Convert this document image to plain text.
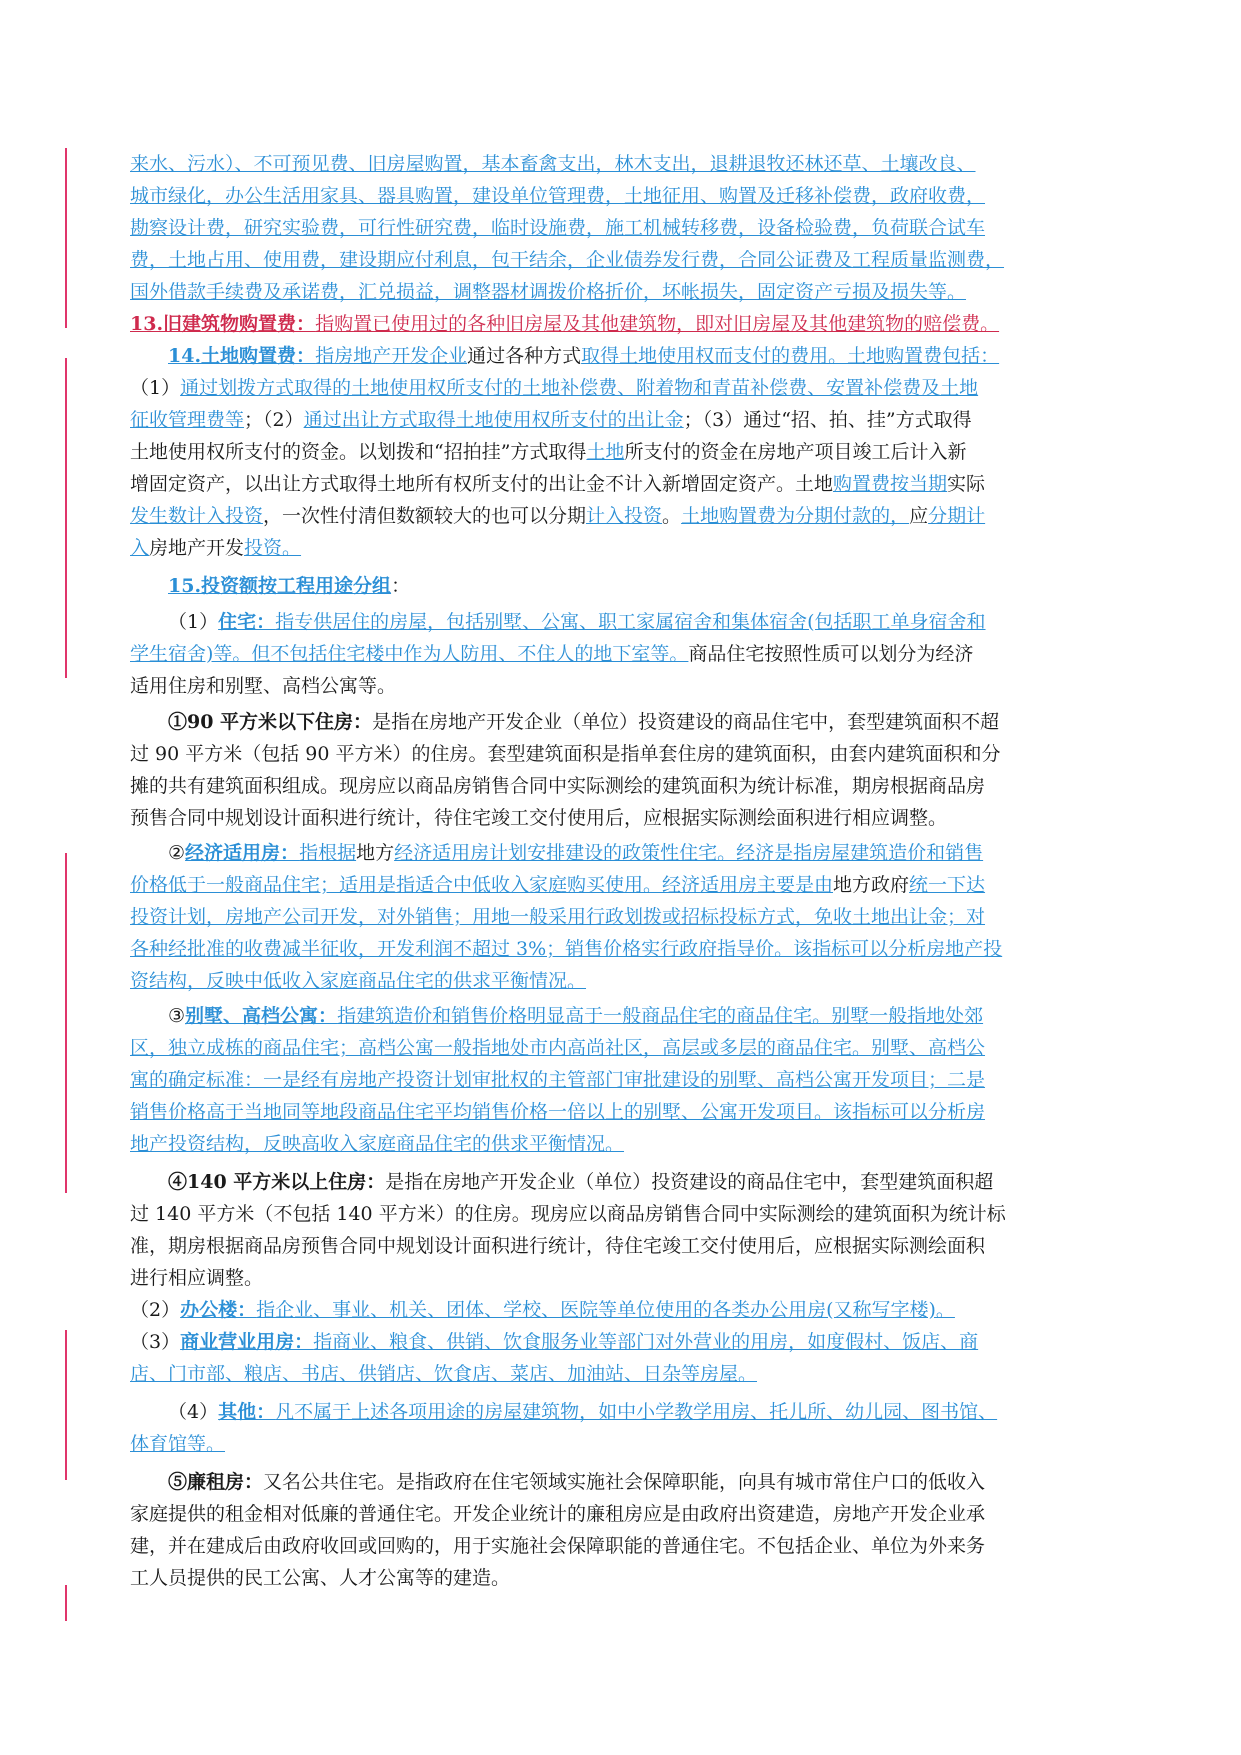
来水、污水）、不可预见费、旧房屋购置，基本畜禽支出，林木支出，退耕退牧还林还草、土壤改良、
城市绿化，办公生活用家具、器具购置，建设单位管理费，土地征用、购置及迁移补偿费，政府收费，
勘察设计费，研究实验费，可行性研究费，临时设施费，施工机械转移费，设备检验费，负荷联合试车
费，土地占用、使用费，建设期应付利息，包干结余，企业债券发行费，合同公证费及工程质量监测费，
国外借款手续费及承诺费，汇兑损益，调整器材调拨价格折价，坏帐损失，固定资产亏损及损失等。
13.旧建筑物购置费：指购置已使用过的各种旧房屋及其他建筑物，即对旧房屋及其他建筑物的赔偿费。
14.土地购置费：指房地产开发企业通过各种方式取得土地使用权而支付的费用。土地购置费包括：
（1）通过划拨方式取得的土地使用权所支付的土地补偿费、附着物和青苗补偿费、安置补偿费及土地
征收管理费等；（2）通过出让方式取得土地使用权所支付的出让金；（3）通过“招、拍、挂”方式取得
土地使用权所支付的资金。以划拨和“招拍挂”方式取得土地所支付的资金在房地产项目竣工后计入新
增固定资产，以出让方式取得土地所有权所支付的出让金不计入新增固定资产。土地购置费按当期实际
发生数计入投资，一次性付清但数额较大的也可以分期计入投资。土地购置费为分期付款的，应分期计
入房地产开发投资。
15.投资额按工程用途分组：
（1）住宅：指专供居住的房屋，包括别墅、公寓、职工家属宿舍和集体宿舍(包括职工单身宿舍和
学生宿舍)等。但不包括住宅楼中作为人防用、不住人的地下室等。商品住宅按照性质可以划分为经济
适用住房和别墅、高档公寓等。
①90 平方米以下住房：是指在房地产开发企业（单位）投资建设的商品住宅中，套型建筑面积不超
过 90 平方米（包括 90 平方米）的住房。套型建筑面积是指单套住房的建筑面积，由套内建筑面积和分
摊的共有建筑面积组成。现房应以商品房销售合同中实际测绘的建筑面积为统计标准，期房根据商品房
预售合同中规划设计面积进行统计，待住宅竣工交付使用后，应根据实际测绘面积进行相应调整。
②经济适用房：指根据地方经济适用房计划安排建设的政策性住宅。经济是指房屋建筑造价和销售
价格低于一般商品住宅；适用是指适合中低收入家庭购买使用。经济适用房主要是由地方政府统一下达
投资计划，房地产公司开发，对外销售；用地一般采用行政划拨或招标投标方式，免收土地出让金；对
各种经批准的收费减半征收，开发利润不超过 3%；销售价格实行政府指导价。该指标可以分析房地产投
资结构，反映中低收入家庭商品住宅的供求平衡情况。
③别墅、高档公寓：指建筑造价和销售价格明显高于一般商品住宅的商品住宅。别墅一般指地处郊
区，独立成栋的商品住宅；高档公寓一般指地处市内高尚社区，高层或多层的商品住宅。别墅、高档公
寓的确定标准：一是经有房地产投资计划审批权的主管部门审批建设的别墅、高档公寓开发项目；二是
销售价格高于当地同等地段商品住宅平均销售价格一倍以上的别墅、公寓开发项目。该指标可以分析房
地产投资结构，反映高收入家庭商品住宅的供求平衡情况。
④140 平方米以上住房：是指在房地产开发企业（单位）投资建设的商品住宅中，套型建筑面积超
过 140 平方米（不包括 140 平方米）的住房。现房应以商品房销售合同中实际测绘的建筑面积为统计标
准，期房根据商品房预售合同中规划设计面积进行统计，待住宅竣工交付使用后，应根据实际测绘面积
进行相应调整。
（2）办公楼：指企业、事业、机关、团体、学校、医院等单位使用的各类办公用房(又称写字楼)。
（3）商业营业用房：指商业、粮食、供销、饮食服务业等部门对外营业的用房，如度假村、饭店、商
店、门市部、粮店、书店、供销店、饮食店、菜店、加油站、日杂等房屋。
（4）其他：凡不属于上述各项用途的房屋建筑物，如中小学教学用房、托儿所、幼儿园、图书馆、
体育馆等。
⑤廉租房：又名公共住宅。是指政府在住宅领域实施社会保障职能，向具有城市常住户口的低收入
家庭提供的租金相对低廉的普通住宅。开发企业统计的廉租房应是由政府出资建造，房地产开发企业承
建，并在建成后由政府收回或回购的，用于实施社会保障职能的普通住宅。不包括企业、单位为外来务
工人员提供的民工公寓、人才公寓等的建造。
